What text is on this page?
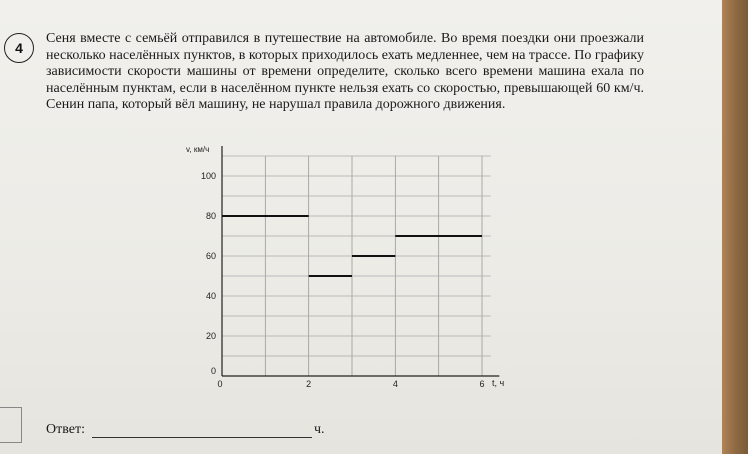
4
Сеня вместе с семьёй отправился в путешествие на автомобиле. Во время поездки они проезжали несколько населённых пунктов, в которых приходилось ехать медленнее, чем на трассе. По графику зависимости скорости машины от времени определите, сколько всего времени машина ехала по населённым пунктам, если в населённом пункте нельзя ехать со скоростью, превышающей 60 км/ч. Сенин папа, который вёл машину, не нарушал правила дорожного движения.
20
40
60
80
100
0	2	4	6
0
v, км/ч
t, ч
Ответ:	ч.
